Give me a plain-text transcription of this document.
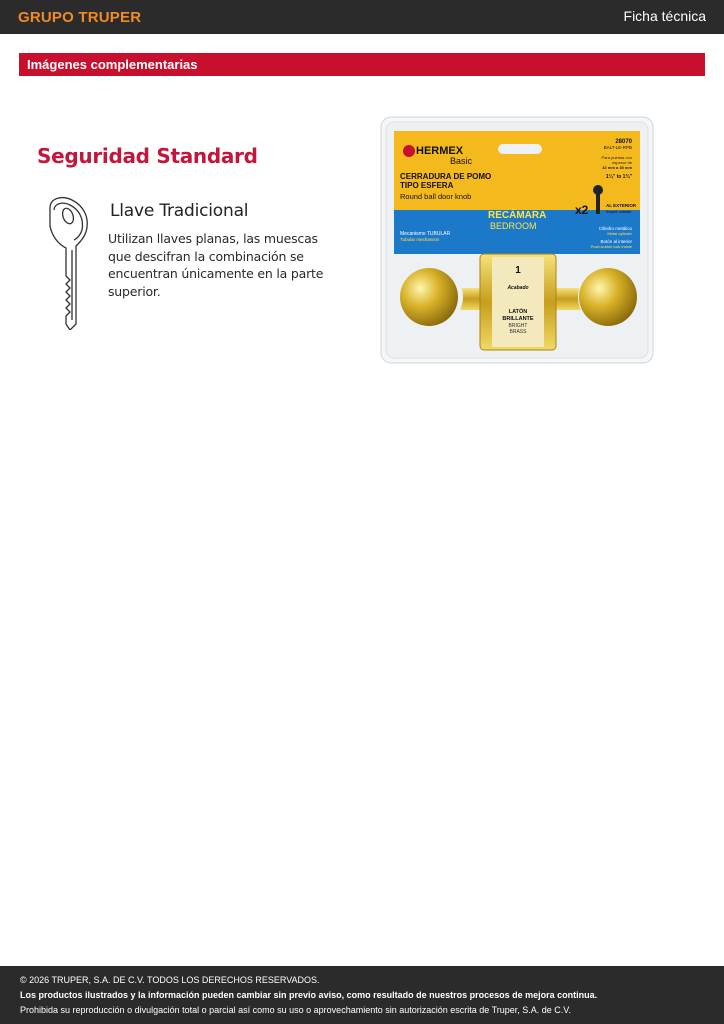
GRUPO TRUPER	Ficha técnica
Imágenes complementarias
Seguridad Standard
Llave Tradicional
Utilizan llaves planas, las muescas que descifran la combinación se encuentran únicamente en la parte superior.
HERMEX
Basic
28070
BALT-LE-RPB
CERRADURA DE POMO
TIPO ESFERA
Round ball door knob
Para puertas con
espesor de
32 mm a 45 mm
1¼" to 1¾"
x2	AL EXTERIOR
Keyed outside
RECÁMARA
BEDROOM
Mecanismo TUBULAR
Tubular mechanism
Cilindro metálico
Metal cylinder
Botón al interior
Push-button lock inside
1
Acabado
LATÓN
BRILLANTE
BRIGHT
BRASS
© 2026 TRUPER, S.A. DE C.V. TODOS LOS DERECHOS RESERVADOS.
Los productos ilustrados y la información pueden cambiar sin previo aviso, como resultado de nuestros procesos de mejora continua.
Prohibida su reproducción o divulgación total o parcial así como su uso o aprovechamiento sin autorización escrita de Truper, S.A. de C.V.
